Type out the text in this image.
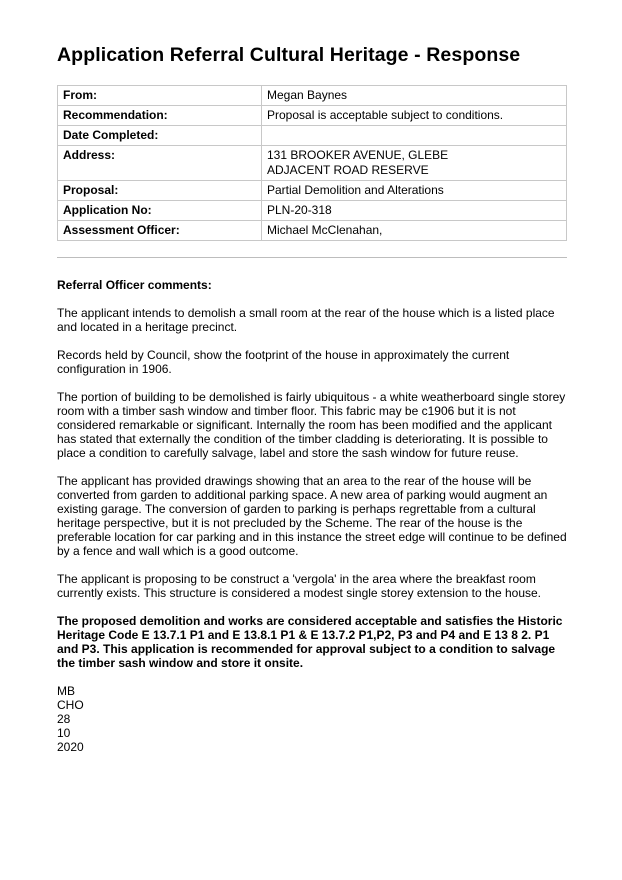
Application Referral Cultural Heritage - Response
From:	Megan Baynes

Recommendation:	Proposal is acceptable subject to conditions.

Date Completed:	

Address:	131 BROOKER AVENUE, GLEBE
ADJACENT ROAD RESERVE

Proposal:	Partial Demolition and Alterations

Application No:	PLN-20-318

Assessment Officer:	Michael McClenahan,

Referral Officer comments:

The applicant intends to demolish a small room at the rear of the house which is a listed place and located in a heritage precinct.

Records held by Council, show the footprint of the house in approximately the current configuration in 1906.

The portion of building to be demolished is fairly ubiquitous - a white weatherboard single storey room with a timber sash window and timber floor. This fabric may be c1906 but it is not considered remarkable or significant. Internally the room has been modified and the applicant has stated that externally the condition of the timber cladding is deteriorating. It is possible to place a condition to carefully salvage, label and store the sash window for future reuse.

The applicant has provided drawings showing that an area to the rear of the house will be converted from garden to additional parking space. A new area of parking would augment an existing garage. The conversion of garden to parking is perhaps regrettable from a cultural heritage perspective, but it is not precluded by the Scheme. The rear of the house is the preferable location for car parking and in this instance the street edge will continue to be defined by a fence and wall which is a good outcome.

The applicant is proposing to be construct a 'vergola' in the area where the breakfast room currently exists. This structure is considered a modest single storey extension to the house.

The proposed demolition and works are considered acceptable and satisfies the Historic Heritage Code E 13.7.1 P1 and E 13.8.1 P1 & E 13.7.2 P1,P2, P3 and P4 and E 13 8 2. P1 and P3. This application is recommended for approval subject to a condition to salvage the timber sash window and store it onsite.

MB
CHO
28
10
2020
